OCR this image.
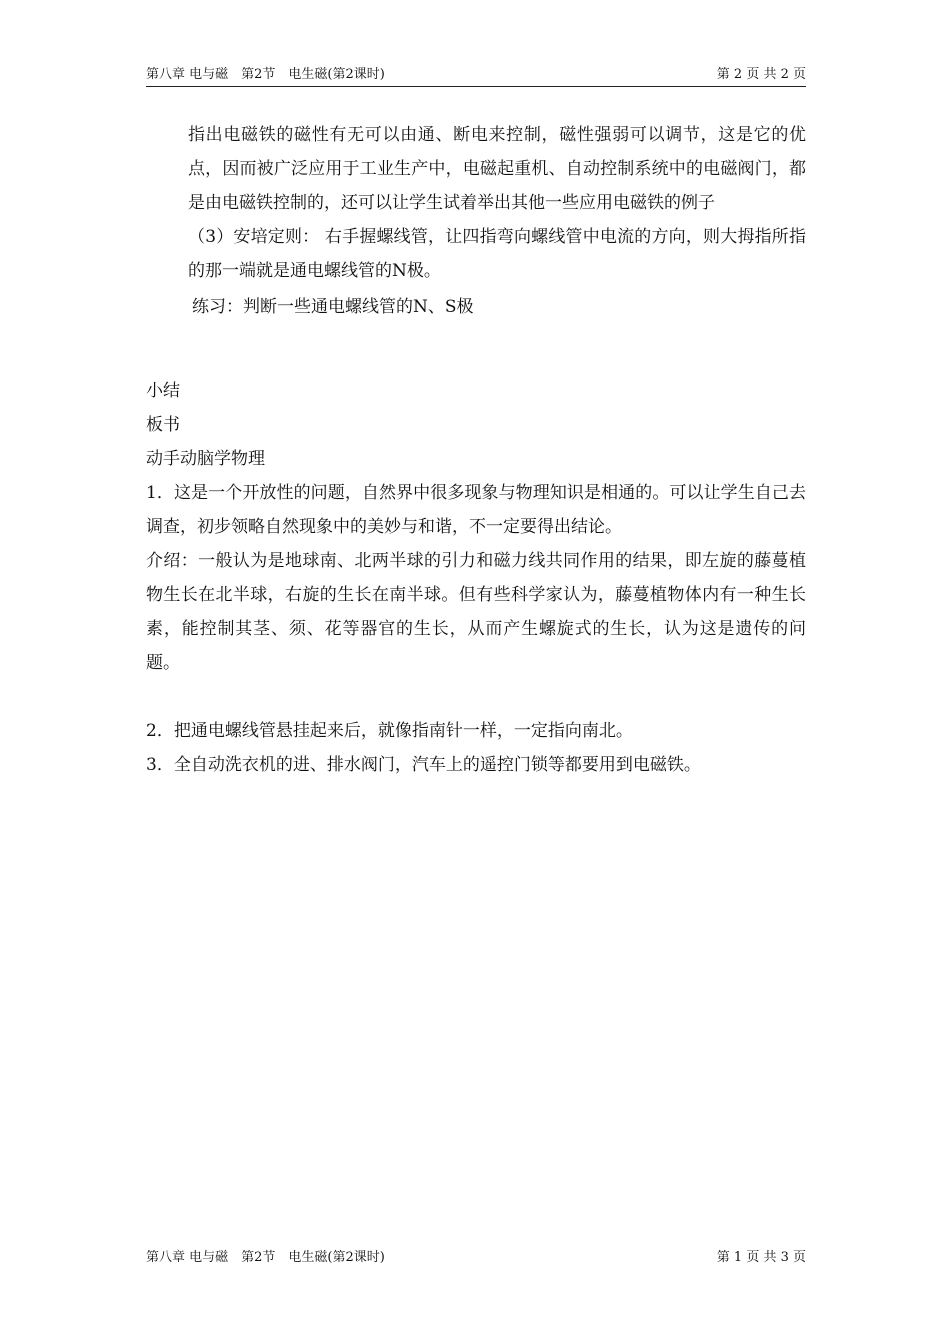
第八章 电与磁　第2节　电生磁(第2课时)	第 2 页 共 2 页

指出电磁铁的磁性有无可以由通、断电来控制，磁性强弱可以调节，这是它的优点，因而被广泛应用于工业生产中，电磁起重机、自动控制系统中的电磁阀门，都是由电磁铁控制的，还可以让学生试着举出其他一些应用电磁铁的例子

（3）安培定则： 右手握螺线管，让四指弯向螺线管中电流的方向，则大拇指所指的那一端就是通电螺线管的N极。

练习：判断一些通电螺线管的N、S极

小结

板书

动手动脑学物理

1．这是一个开放性的问题，自然界中很多现象与物理知识是相通的。可以让学生自己去调查，初步领略自然现象中的美妙与和谐，不一定要得出结论。

介绍：一般认为是地球南、北两半球的引力和磁力线共同作用的结果，即左旋的藤蔓植物生长在北半球，右旋的生长在南半球。但有些科学家认为，藤蔓植物体内有一种生长素，能控制其茎、须、花等器官的生长，从而产生螺旋式的生长，认为这是遗传的问题。

2．把通电螺线管悬挂起来后，就像指南针一样，一定指向南北。

3．全自动洗衣机的进、排水阀门，汽车上的遥控门锁等都要用到电磁铁。

第八章 电与磁　第2节　电生磁(第2课时)	第 1 页 共 3 页
